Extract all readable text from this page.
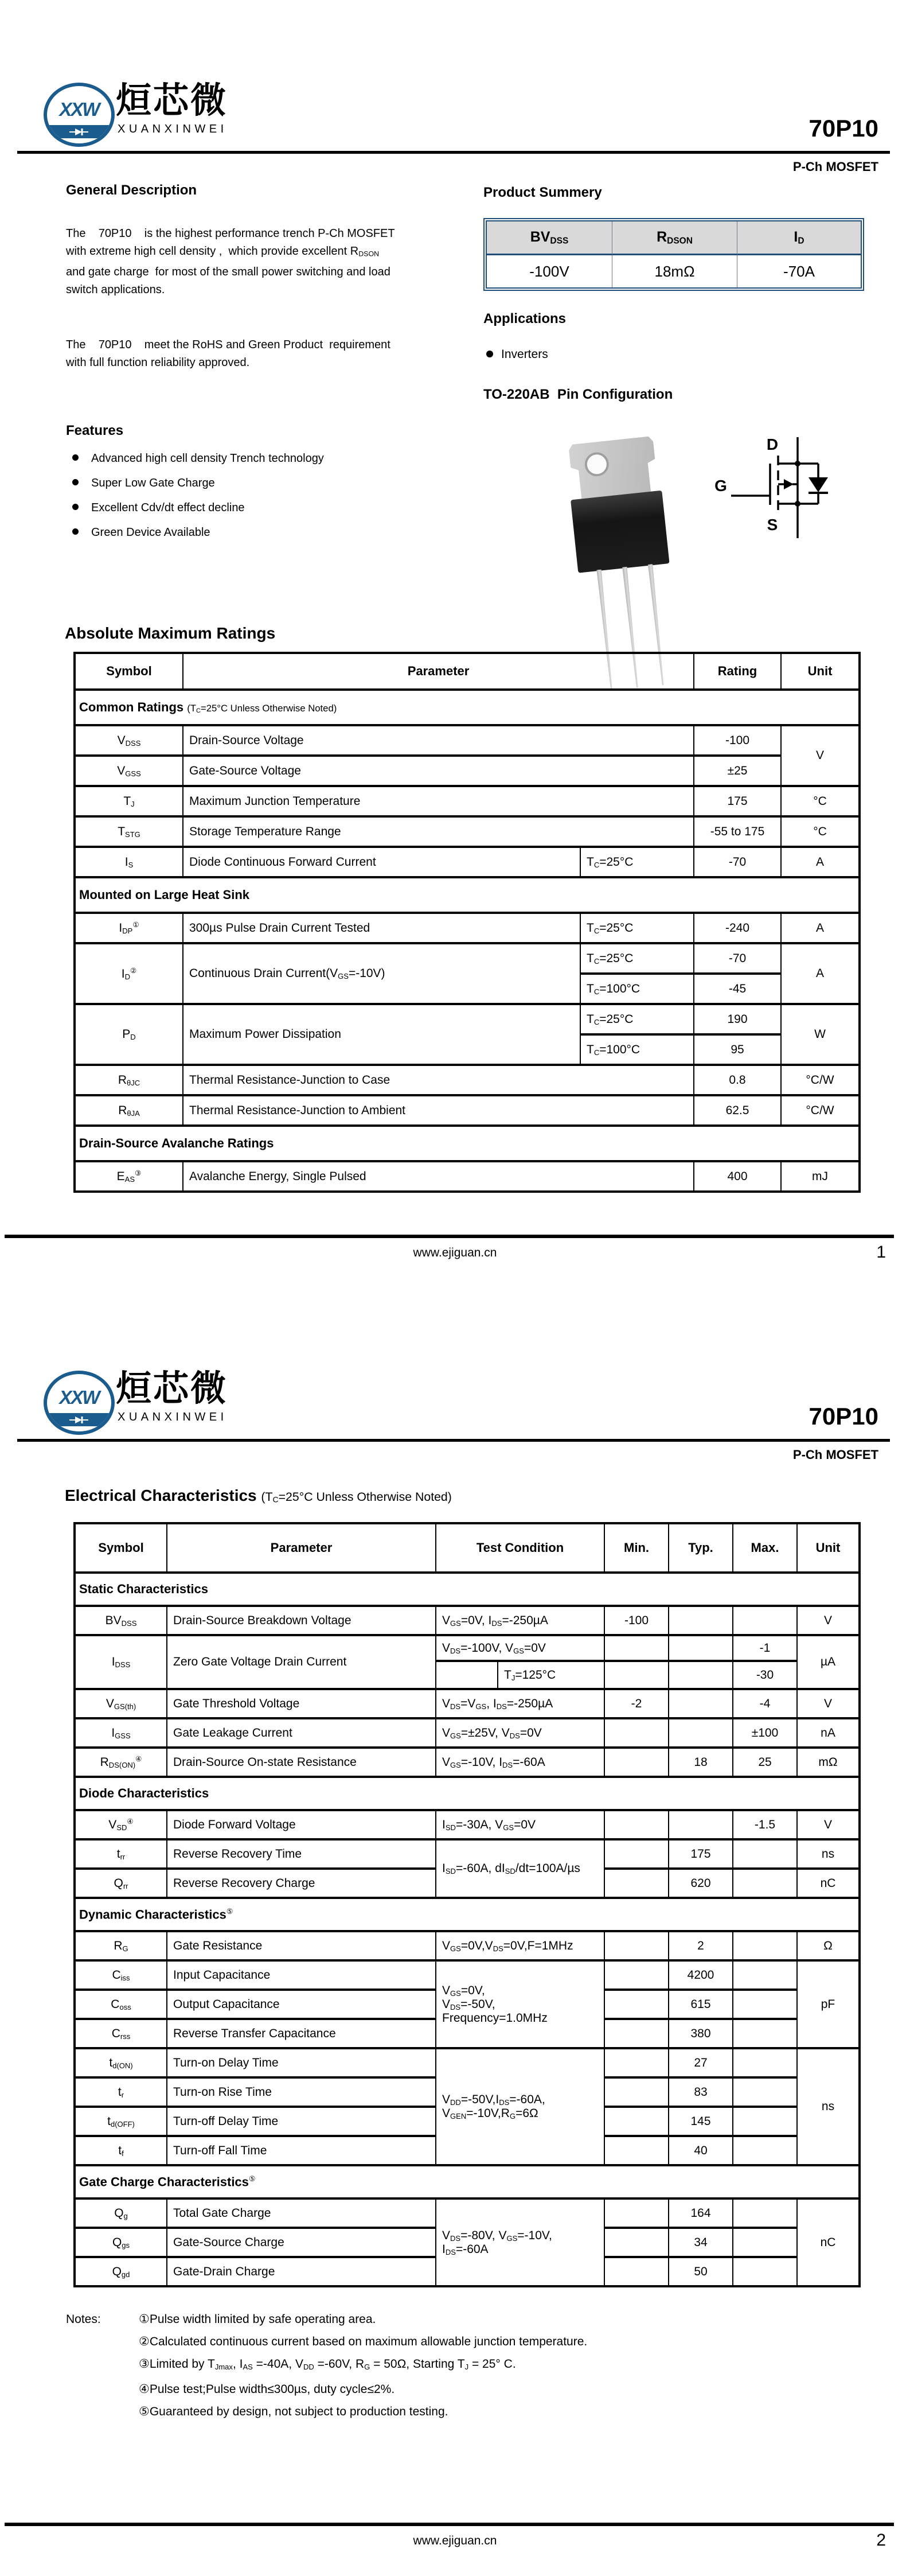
XXW 烜芯微
XUANXINWEI	70P10
P-Ch MOSFET
General Description
The    70P10    is the highest performance trench P-Ch MOSFET with extreme high cell density ,  which provide excellent RDSON and gate charge  for most of the small power switching and load  switch applications.
The    70P10    meet the RoHS and Green Product  requirement with full function reliability approved.
Features
Advanced high cell density Trench technology
Super Low Gate Charge
Excellent Cdv/dt effect decline
Green Device Available
Product Summery
BVDSS	RDSON	ID
-100V	18mΩ	-70A
Applications
Inverters
TO-220AB  Pin Configuration
D
G
S
Absolute Maximum Ratings
Symbol	Parameter		Rating	Unit
Common Ratings (TC=25°C Unless Otherwise Noted)				
VDSS	Drain-Source Voltage		-100	V
VGSS	Gate-Source Voltage		±25	
TJ	Maximum Junction Temperature		175	°C
TSTG	Storage Temperature Range		-55 to 175	°C
IS	Diode Continuous Forward Current	TC=25°C	-70	A
Mounted on Large Heat Sink				
IDP①	300µs Pulse Drain Current Tested	TC=25°C	-240	A
ID②	Continuous Drain Current(VGS=-10V)	TC=25°C	-70	A
		TC=100°C	-45	
PD	Maximum Power Dissipation	TC=25°C	190	W
		TC=100°C	95	
RθJC	Thermal Resistance-Junction to Case		0.8	°C/W
RθJA	Thermal Resistance-Junction to Ambient		62.5	°C/W
Drain-Source Avalanche Ratings				
EAS③	Avalanche Energy, Single Pulsed		400	mJ
www.ejiguan.cn	1
XXW 烜芯微
XUANXINWEI	70P10
P-Ch MOSFET
Electrical Characteristics (TC=25°C Unless Otherwise Noted)
Symbol	Parameter	Test Condition	Min.	Typ.	Max.	Unit
Static Characteristics						
BVDSS	Drain-Source Breakdown Voltage	VGS=0V, IDS=-250µA	-100			V
IDSS	Zero Gate Voltage Drain Current	VDS=-100V, VGS=0V			-1	µA

		TJ=125°C			-30	
VGS(th)	Gate Threshold Voltage	VDS=VGS, IDS=-250µA	-2		-4	V
IGSS	Gate Leakage Current	VGS=±25V, VDS=0V			±100	nA
RDS(ON)④	Drain-Source On-state Resistance	VGS=-10V, IDS=-60A		18	25	mΩ
Diode Characteristics						
VSD④	Diode Forward Voltage	ISD=-30A, VGS=0V			-1.5	V
trr	Reverse Recovery Time	ISD=-60A, dISD/dt=100A/µs		175		ns
Qrr	Reverse Recovery Charge			620		nC
Dynamic Characteristics⑤
RG	Gate Resistance	VGS=0V,VDS=0V,F=1MHz		2		Ω
Ciss	Input Capacitance	VGS=0V,
VDS=-50V,
Frequency=1.0MHz		4200		pF
Coss	Output Capacitance			615		
Crss	Reverse Transfer Capacitance			380		
td(ON)	Turn-on Delay Time	VDD=-50V,IDS=-60A,
VGEN=-10V,RG=6Ω		27		ns
tr	Turn-on Rise Time			83		
td(OFF)	Turn-off Delay Time			145		
tf	Turn-off Fall Time			40		
Gate Charge Characteristics⑤
Qg	Total Gate Charge	VDS=-80V, VGS=-10V,
IDS=-60A		164		nC
Qgs	Gate-Source Charge			34		
Qgd	Gate-Drain Charge			50		
Notes:	①Pulse width limited by safe operating area.
②Calculated continuous current based on maximum allowable junction temperature.
③Limited by TJmax, IAS =-40A, VDD =-60V, RG = 50Ω, Starting TJ = 25° C.
④Pulse test;Pulse width≤300µs, duty cycle≤2%.
⑤Guaranteed by design, not subject to production testing.
www.ejiguan.cn	2
